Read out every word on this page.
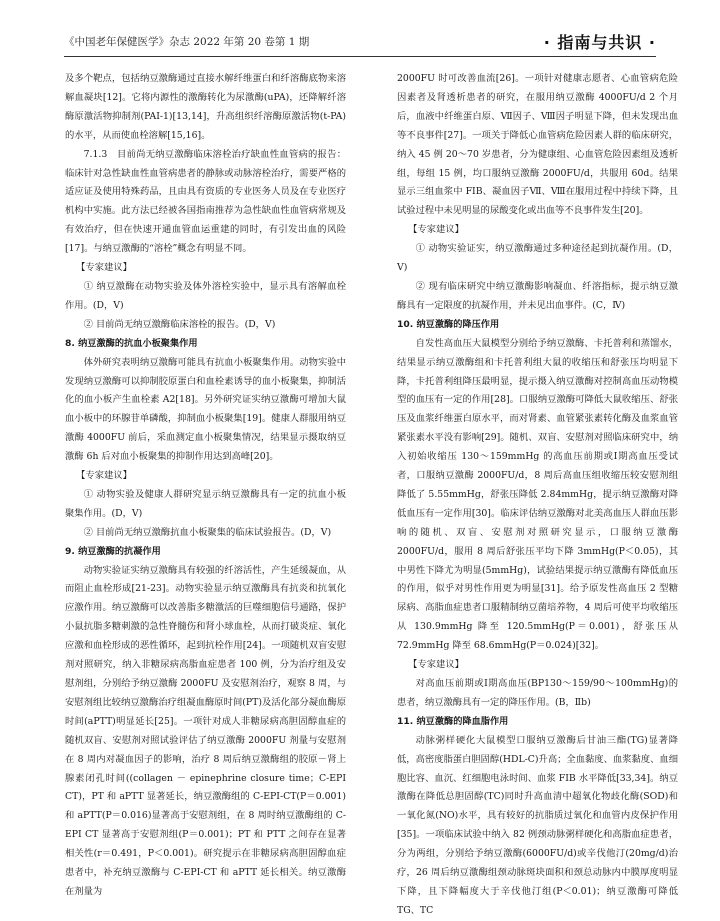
《中国老年保健医学》杂志 2022 年第 20 卷第 1 期	· 指南与共识 ·

及多个靶点，包括纳豆激酶通过直接水解纤维蛋白和纤溶酶底物来溶解血凝块[12]。它将内源性的激酶转化为尿激酶(uPA)，还降解纤溶酶原激活物抑制剂(PAI-1)[13,14]，升高组织纤溶酶原激活物(t-PA)的水平，从而使血栓溶解[15,16]。

7.1.3　目前尚无纳豆激酶临床溶栓治疗缺血性血管病的报告：临床针对急性缺血性血管病患者的静脉或动脉溶栓治疗，需要严格的适应证及使用特殊药品，且由具有资质的专业医务人员及在专业医疗机构中实施。此方法已经被各国指南推荐为急性缺血性血管病常规及有效治疗，但在快速开通血管血运重建的同时，有引发出血的风险[17]。与纳豆激酶的“溶栓”概念有明显不同。

【专家建议】

① 纳豆激酶在动物实验及体外溶栓实验中，显示具有溶解血栓作用。(D，V)

② 目前尚无纳豆激酶临床溶栓的报告。(D，V)

8. 纳豆激酶的抗血小板聚集作用

体外研究表明纳豆激酶可能具有抗血小板聚集作用。动物实验中发现纳豆激酶可以抑制胶原蛋白和血栓素诱导的血小板聚集，抑制活化的血小板产生血栓素 A2[18]。另外研究证实纳豆激酶可增加大鼠血小板中的环腺苷单磷酸，抑制血小板聚集[19]。健康人群服用纳豆激酶 4000FU 前后，采血测定血小板聚集情况，结果显示摄取纳豆激酶 6h 后对血小板聚集的抑制作用达到高峰[20]。

【专家建议】

① 动物实验及健康人群研究显示纳豆激酶具有一定的抗血小板聚集作用。(D，V)

② 目前尚无纳豆激酶抗血小板聚集的临床试验报告。(D，V)

9. 纳豆激酶的抗凝作用

动物实验证实纳豆激酶具有较强的纤溶活性，产生延缓凝血，从而阻止血栓形成[21-23]。动物实验显示纳豆激酶具有抗炎和抗氧化应激作用。纳豆激酶可以改善脂多糖激活的巨噬细胞信号通路，保护小鼠抗脂多糖刺激的急性脊髓伤和肾小球血栓，从而打破炎症、氧化应激和血栓形成的恶性循环，起到抗栓作用[24]。一项随机双盲安慰剂对照研究，纳入非糖尿病高脂血症患者 100 例，分为治疗组及安慰剂组，分别给予纳豆激酶 2000FU 及安慰剂治疗，观察 8 周，与安慰剂组比较纳豆激酶治疗组凝血酶原时间(PT)及活化部分凝血酶原时间(aPTT)明显延长[25]。一项针对成人非糖尿病高胆固醇血症的随机双盲、安慰剂对照试验评估了纳豆激酶 2000FU 剂量与安慰剂在 8 周内对凝血因子的影响，治疗 8 周后纳豆激酶组的胶原－肾上腺素闭孔时间((collagen － epinephrine closure time；C-EPI CT)，PT 和 aPTT 显著延长，纳豆激酶组的 C-EPI-CT(P＝0.001)和 aPTT(P＝0.016)显著高于安慰剂组，在 8 周时纳豆激酶组的 C-EPI CT 显著高于安慰剂组(P＝0.001)；PT 和 PTT 之间存在显著相关性(r＝0.491，P＜0.001)。研究提示在非糖尿病高胆固醇血症患者中，补充纳豆激酶与 C-EPI-CT 和 aPTT 延长相关。纳豆激酶在剂量为

2000FU 时可改善血流[26]。一项针对健康志愿者、心血管病危险因素者及肾透析患者的研究，在服用纳豆激酶 4000FU/d 2 个月后，血液中纤维蛋白原、Ⅶ因子、Ⅷ因子明显下降，但未发现出血等不良事件[27]。一项关于降低心血管病危险因素人群的临床研究，纳入 45 例 20～70 岁患者，分为健康组、心血管危险因素组及透析组，每组 15 例，均口服纳豆激酶 2000FU/d，共服用 60d。结果显示三组血浆中 FIB、凝血因子Ⅶ、Ⅷ在服用过程中持续下降，且试验过程中未见明显的尿酸变化或出血等不良事件发生[20]。

【专家建议】

① 动物实验证实，纳豆激酶通过多种途径起到抗凝作用。(D，V)

② 现有临床研究中纳豆激酶影响凝血、纤溶指标，提示纳豆激酶具有一定限度的抗凝作用，并未见出血事件。(C，Ⅳ)

10. 纳豆激酶的降压作用

自发性高血压大鼠模型分别给予纳豆激酶、卡托普利和蒸馏水，结果显示纳豆激酶组和卡托普利组大鼠的收缩压和舒张压均明显下降，卡托普利组降压最明显，提示摄入纳豆激酶对控制高血压动物模型的血压有一定的作用[28]。口服纳豆激酶可降低大鼠收缩压、舒张压及血浆纤维蛋白原水平，而对肾素、血管紧张素转化酶及血浆血管紧张素水平没有影响[29]。随机、双盲、安慰剂对照临床研究中，纳入初始收缩压 130～159mmHg 的高血压前期或Ⅰ期高血压受试者，口服纳豆激酶 2000FU/d，8 周后高血压组收缩压较安慰剂组降低了 5.55mmHg，舒张压降低 2.84mmHg，提示纳豆激酶对降低血压有一定作用[30]。临床评估纳豆激酶对北美高血压人群血压影响的随机、双盲、安慰剂对照研究显示，口服纳豆激酶 2000FU/d，服用 8 周后舒张压平均下降 3mmHg(P＜0.05)，其中男性下降尤为明显(5mmHg)，试验结果提示纳豆激酶有降低血压的作用，似乎对男性作用更为明显[31]。给予原发性高血压 2 型糖尿病、高脂血症患者口服精制纳豆菌培养物，4 周后可使平均收缩压从 130.9mmHg 降至 120.5mmHg(P＝0.001)，舒张压从 72.9mmHg 降至 68.6mmHg(P＝0.024)[32]。

【专家建议】

对高血压前期或Ⅰ期高血压(BP130～159/90～100mmHg)的患者，纳豆激酶具有一定的降压作用。(B，Ⅱb)

11. 纳豆激酶的降血脂作用

动脉粥样硬化大鼠模型口服纳豆激酶后甘油三酯(TG)显著降低，高密度脂蛋白胆固醇(HDL-C)升高；全血黏度、血浆黏度、血细胞比容、血沉、红细胞电泳时间、血浆 FIB 水平降低[33,34]。纳豆激酶在降低总胆固醇(TC)同时升高血清中超氧化物歧化酶(SOD)和一氧化氮(NO)水平，具有较好的抗脂质过氧化和血管内皮保护作用[35]。一项临床试验中纳入 82 例颈动脉粥样硬化和高脂血症患者，分为两组，分别给予纳豆激酶(6000FU/d)或辛伐他汀(20mg/d)治疗，26 周后纳豆激酶组颈动脉斑块面积和颈总动脉内中膜厚度明显下降，且下降幅度大于辛伐他汀组(P＜0.01)；纳豆激酶可降低 TG、TC
